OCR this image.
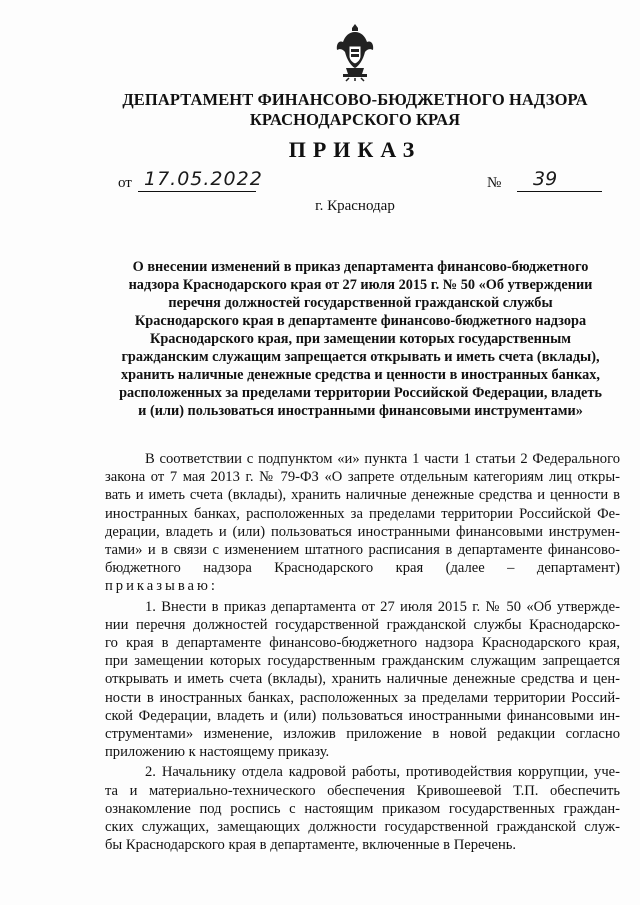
ДЕПАРТАМЕНТ ФИНАНСОВО-БЮДЖЕТНОГО НАДЗОРА
КРАСНОДАРСКОГО КРАЯ
ПРИКАЗ
от 17.05.2022	№ 39
г. Краснодар
О внесении изменений в приказ департамента финансово-бюджетного
надзора Краснодарского края от 27 июля 2015 г. № 50 «Об утверждении
перечня должностей государственной гражданской службы
Краснодарского края в департаменте финансово-бюджетного надзора
Краснодарского края, при замещении которых государственным
гражданским служащим запрещается открывать и иметь счета (вклады),
хранить наличные денежные средства и ценности в иностранных банках,
расположенных за пределами территории Российской Федерации, владеть
и (или) пользоваться иностранными финансовыми инструментами»
В соответствии с подпунктом «и» пункта 1 части 1 статьи 2 Федерального
закона от 7 мая 2013 г. № 79-ФЗ «О запрете отдельным категориям лиц откры-
вать и иметь счета (вклады), хранить наличные денежные средства и ценности в
иностранных банках, расположенных за пределами территории Российской Фе-
дерации, владеть и (или) пользоваться иностранными финансовыми инструмен-
тами» и в связи с изменением штатного расписания в департаменте финансово-
бюджетного надзора Краснодарского края (далее – департамент)
приказываю:
1. Внести в приказ департамента от 27 июля 2015 г. № 50 «Об утвержде-
нии перечня должностей государственной гражданской службы Краснодарско-
го края в департаменте финансово-бюджетного надзора Краснодарского края,
при замещении которых государственным гражданским служащим запрещается
открывать и иметь счета (вклады), хранить наличные денежные средства и цен-
ности в иностранных банках, расположенных за пределами территории Россий-
ской Федерации, владеть и (или) пользоваться иностранными финансовыми ин-
струментами» изменение, изложив приложение в новой редакции согласно
приложению к настоящему приказу.
2. Начальнику отдела кадровой работы, противодействия коррупции, уче-
та и материально-технического обеспечения Кривошеевой Т.П. обеспечить
ознакомление под роспись с настоящим приказом государственных граждан-
ских служащих, замещающих должности государственной гражданской служ-
бы Краснодарского края в департаменте, включенные в Перечень.
